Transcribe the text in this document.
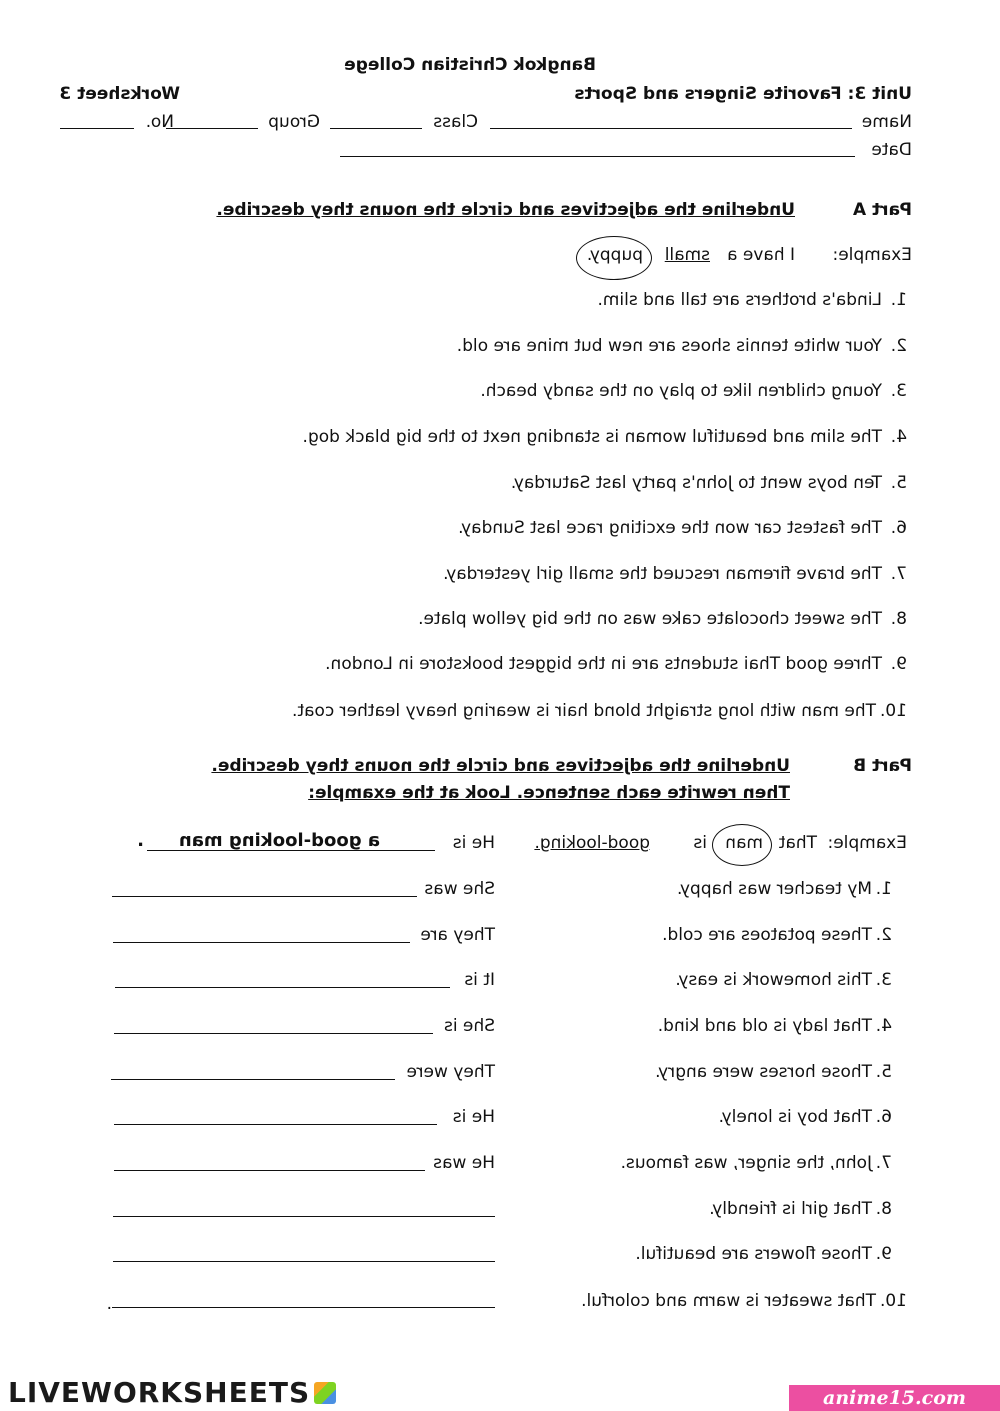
Bangkok Christian College
Unit 3: Favorite Singers and Sports
Worksheet 3
Name
Class
Group
No.
Date
Part A
Underline the adjectives and circle the nouns they describe.
Example:
I have a
small
puppy.
1.
Linda's brothers are tall and slim.
2.
Your white tennis shoes are new but mine are old.
3.
Young children like to play on the sandy beach.
4.
The slim and beautiful woman is standing next to the big black dog.
5.
Ten boys went to John's party last Saturday.
6.
The fastest car won the exciting race last Sunday.
7.
The brave fireman rescued the small girl yesterday.
8.
The sweet chocolate cake was on the big yellow plate.
9.
Three good Thai students are in the biggest bookstore in London.
10.
The man with long straight blond hair is wearing heavy leather coat.
Part B
Underline the adjectives and circle the nouns they describe.
Then rewrite each sentence. Look at the example:
Example:
That
man
is
good-looking.
He is
a good-looking man
.
1.
My teacher was happy.
She was
2.
These potatoes are cold.
They are
3.
This homework is easy.
It is
4.
That lady is old and kind.
She is
5.
Those horses were angry.
They were
6.
That boy is lonely.
He is
7.
John, the singer, was famous.
He was
8.
That girl is friendly.
9.
Those flowers are beautiful.
10.
That sweater is warm and colorful.
.
LIVEWORKSHEETS	anime15.com
